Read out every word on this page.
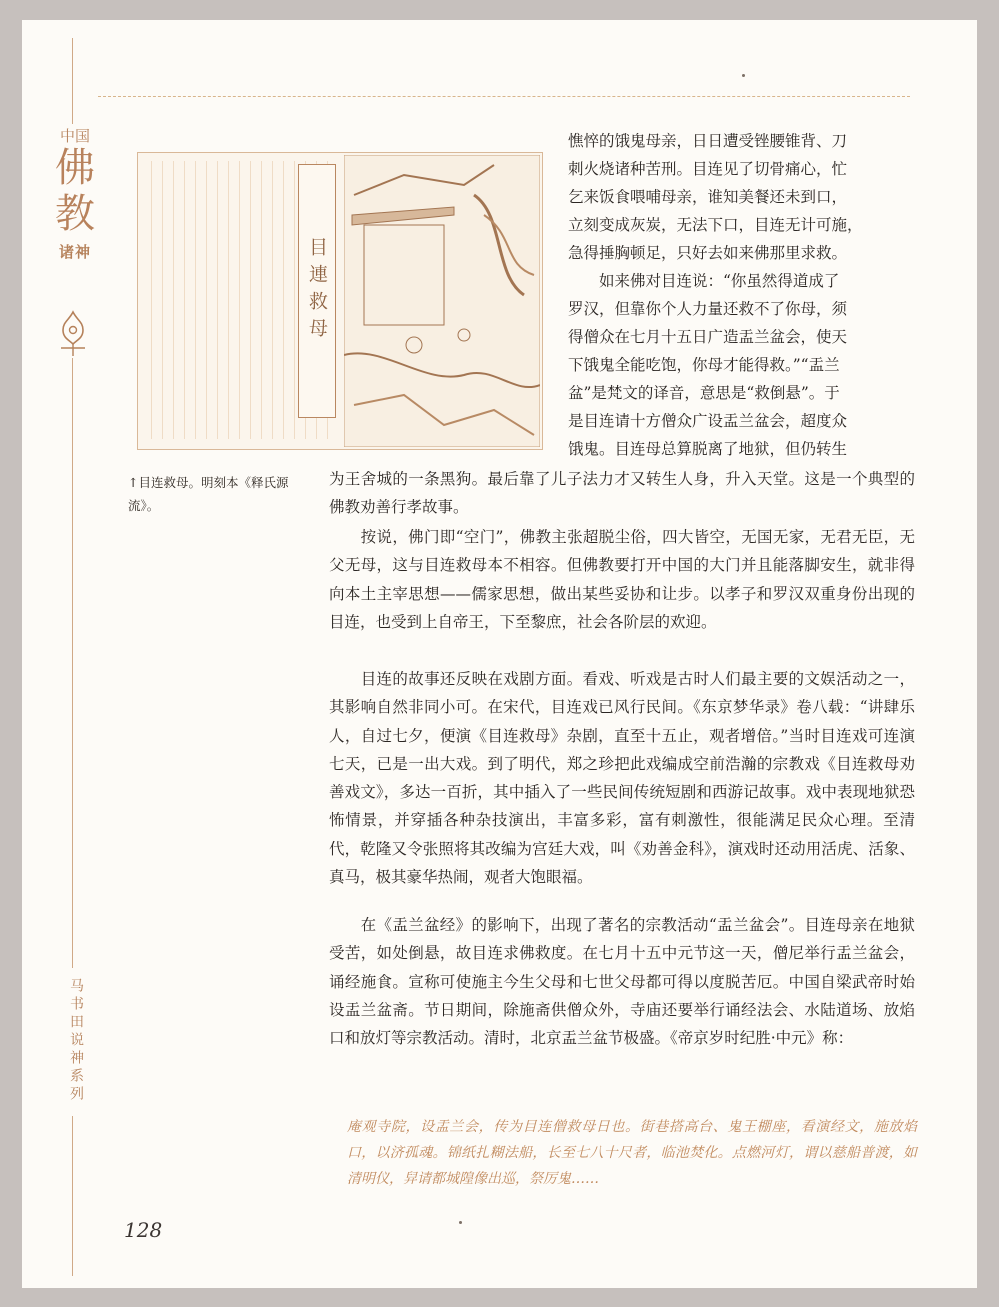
中国
佛
教
诸神
马书田说神系列
目連救母
↑目连救母。明刻本《释氏源流》。

憔悴的饿鬼母亲，日日遭受锉腰锥背、刀

刺火烧诸种苦刑。目连见了切骨痛心，忙

乞来饭食喂哺母亲，谁知美餐还未到口，

立刻变成灰炭，无法下口，目连无计可施，

急得捶胸顿足，只好去如来佛那里求救。

　　如来佛对目连说：“你虽然得道成了

罗汉，但靠你个人力量还救不了你母，须

得僧众在七月十五日广造盂兰盆会，使天

下饿鬼全能吃饱，你母才能得救。”“盂兰

盆”是梵文的译音，意思是“救倒悬”。于

是目连请十方僧众广设盂兰盆会，超度众

饿鬼。目连母总算脱离了地狱，但仍转生

为王舍城的一条黑狗。最后靠了儿子法力才又转生人身，升入天堂。这是一个典型的佛教劝善行孝故事。

　　按说，佛门即“空门”，佛教主张超脱尘俗，四大皆空，无国无家，无君无臣，无父无母，这与目连救母本不相容。但佛教要打开中国的大门并且能落脚安生，就非得向本土主宰思想——儒家思想，做出某些妥协和让步。以孝子和罗汉双重身份出现的目连，也受到上自帝王，下至黎庶，社会各阶层的欢迎。

　　目连的故事还反映在戏剧方面。看戏、听戏是古时人们最主要的文娱活动之一，其影响自然非同小可。在宋代，目连戏已风行民间。《东京梦华录》卷八载：“讲肆乐人，自过七夕，便演《目连救母》杂剧，直至十五止，观者增倍。”当时目连戏可连演七天，已是一出大戏。到了明代，郑之珍把此戏编成空前浩瀚的宗教戏《目连救母劝善戏文》，多达一百折，其中插入了一些民间传统短剧和西游记故事。戏中表现地狱恐怖情景，并穿插各种杂技演出，丰富多彩，富有刺激性，很能满足民众心理。至清代，乾隆又令张照将其改编为宫廷大戏，叫《劝善金科》，演戏时还动用活虎、活象、真马，极其豪华热闹，观者大饱眼福。

　　在《盂兰盆经》的影响下，出现了著名的宗教活动“盂兰盆会”。目连母亲在地狱受苦，如处倒悬，故目连求佛救度。在七月十五中元节这一天，僧尼举行盂兰盆会，诵经施食。宣称可使施主今生父母和七世父母都可得以度脱苦厄。中国自梁武帝时始设盂兰盆斋。节日期间，除施斋供僧众外，寺庙还要举行诵经法会、水陆道场、放焰口和放灯等宗教活动。清时，北京盂兰盆节极盛。《帝京岁时纪胜·中元》称：

庵观寺院，设盂兰会，传为目连僧救母日也。街巷搭高台、鬼王棚座，看演经文，施放焰口，以济孤魂。锦纸扎糊法船，长至七八十尺者，临池焚化。点燃河灯，谓以慈船普渡，如清明仪，舁请都城隍像出巡，祭厉鬼……
128
